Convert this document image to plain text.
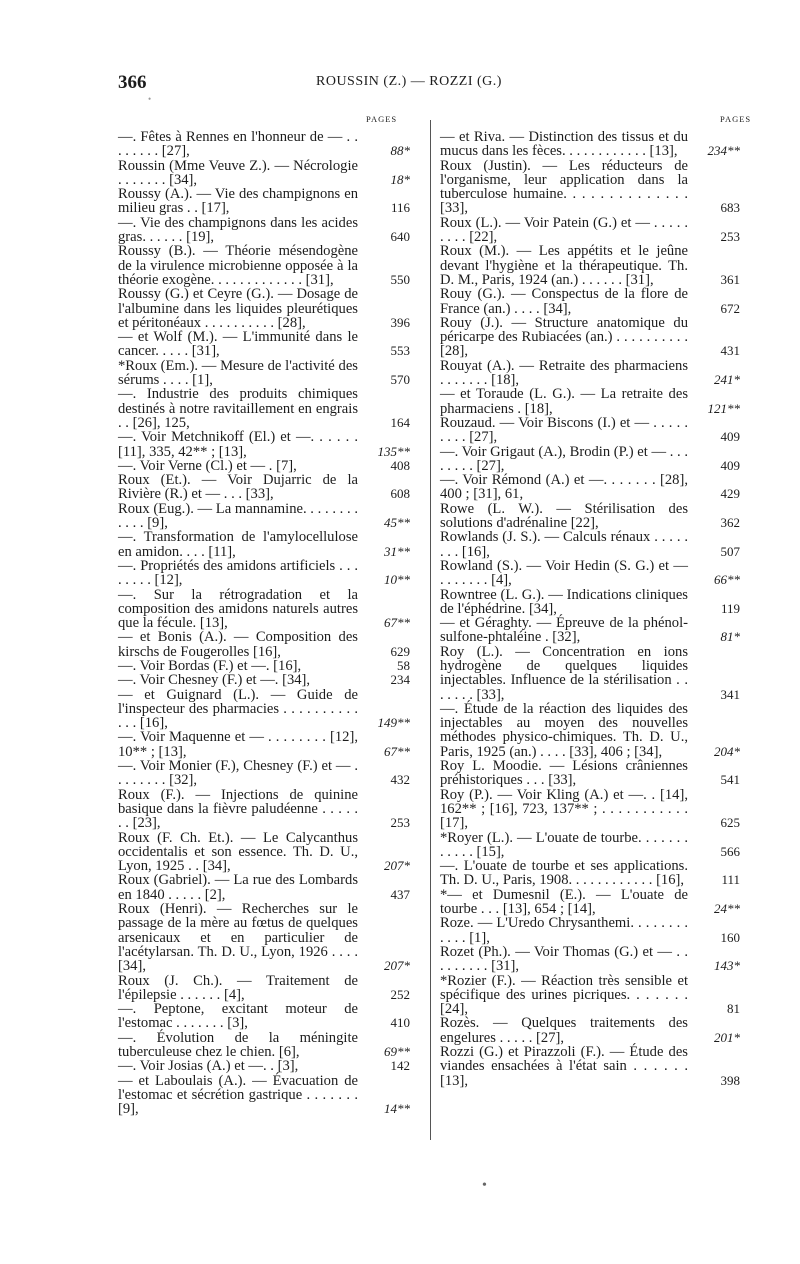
366	ROUSSIN (Z.) — ROZZI (G.)
•
PAGES	PAGES
—. Fêtes à Rennes en l'honneur de — . . . . . . . . [27],	88*
Roussin (Mme Veuve Z.). — Nécrologie . . . . . . . [34],	18*
Roussy (A.). — Vie des champignons en milieu gras . . [17],	116
—. Vie des champignons dans les acides gras. . . . . . [19],	640
Roussy (B.). — Théorie mésendogène de la virulence microbienne opposée à la théorie exogène. . . . . . . . . . . . . [31],	550
Roussy (G.) et Ceyre (G.). — Dosage de l'albumine dans les liquides pleurétiques et péritonéaux . . . . . . . . . . [28],	396
— et Wolf (M.). — L'immunité dans le cancer. . . . . [31],	553
*Roux (Em.). — Mesure de l'activité des sérums . . . . [1],	570
—. Industrie des produits chimiques destinés à notre ravitaillement en engrais . . [26], 125,	164
—. Voir Metchnikoff (El.) et —. . . . . . [11], 335, 42** ; [13],	135**
—. Voir Verne (Cl.) et — . [7],	408
Roux (Et.). — Voir Dujarric de la Rivière (R.) et — . . . [33],	608
Roux (Eug.). — La mannamine. . . . . . . . . . . . [9],	45**
—. Transformation de l'amylocellulose en amidon. . . . [11],	31**
—. Propriétés des amidons artificiels . . . . . . . . [12],	10**
—. Sur la rétrogradation et la composition des amidons naturels autres que la fécule. [13],	67**
— et Bonis (A.). — Composition des kirschs de Fougerolles [16],	629
—. Voir Bordas (F.) et —. [16],	58
—. Voir Chesney (F.) et —. [34],	234
— et Guignard (L.). — Guide de l'inspecteur des pharmacies . . . . . . . . . . . . . [16],	149**
—. Voir Maquenne et — . . . . . . . . [12], 10** ; [13],	67**
—. Voir Monier (F.), Chesney (F.) et — . . . . . . . . [32],	432
Roux (F.). — Injections de quinine basique dans la fièvre paludéenne . . . . . . . [23],	253
Roux (F. Ch. Et.). — Le Calycanthus occidentalis et son essence. Th. D. U., Lyon, 1925 . . [34],	207*
Roux (Gabriel). — La rue des Lombards en 1840 . . . . . [2],	437
Roux (Henri). — Recherches sur le passage de la mère au fœtus de quelques arsenicaux et en particulier de l'acétylarsan. Th. D. U., Lyon, 1926 . . . . [34],	207*
Roux (J. Ch.). — Traitement de l'épilepsie . . . . . . [4],	252
—. Peptone, excitant moteur de l'estomac . . . . . . . [3],	410
—. Évolution de la méningite tuberculeuse chez le chien. [6],	69**
—. Voir Josias (A.) et —. . [3],	142
— et Laboulais (A.). — Évacuation de l'estomac et sécrétion gastrique . . . . . . . [9],	14**
— et Riva. — Distinction des tissus et du mucus dans les fèces. . . . . . . . . . . . [13],	234**
Roux (Justin). — Les réducteurs de l'organisme, leur application dans la tuberculose humaine. . . . . . . . . . . . . . [33],	683
Roux (L.). — Voir Patein (G.) et — . . . . . . . . . [22],	253
Roux (M.). — Les appétits et le jeûne devant l'hygiène et la thérapeutique. Th. D. M., Paris, 1924 (an.) . . . . . . [31],	361
Rouy (G.). — Conspectus de la flore de France (an.) . . . . [34],	672
Rouy (J.). — Structure anatomique du péricarpe des Rubiacées (an.) . . . . . . . . . . [28],	431
Rouyat (A.). — Retraite des pharmaciens . . . . . . . [18],	241*
— et Toraude (L. G.). — La retraite des pharmaciens . [18],	121**
Rouzaud. — Voir Biscons (I.) et — . . . . . . . . . [27],	409
—. Voir Grigaut (A.), Brodin (P.) et — . . . . . . . . [27],	409
—. Voir Rémond (A.) et —. . . . . . . [28], 400 ; [31], 61,	429
Rowe (L. W.). — Stérilisation des solutions d'adrénaline [22],	362
Rowlands (J. S.). — Calculs rénaux . . . . . . . . [16],	507
Rowland (S.). — Voir Hedin (S. G.) et — . . . . . . . [4],	66**
Rowntree (L. G.). — Indications cliniques de l'éphédrine. [34],	119
— et Géraghty. — Épreuve de la phénol-sulfone-phtaléine . [32],	81*
Roy (L.). — Concentration en ions hydrogène de quelques liquides injectables. Influence de la stérilisation . . . . . . . [33],	341
—. Étude de la réaction des liquides des injectables au moyen des nouvelles méthodes physico-chimiques. Th. D. U., Paris, 1925 (an.) . . . . [33], 406 ; [34],	204*
Roy L. Moodie. — Lésions crâniennes préhistoriques . . . [33],	541
Roy (P.). — Voir Kling (A.) et —. . [14], 162** ; [16], 723, 137** ; . . . . . . . . . . . [17],	625
*Royer (L.). — L'ouate de tourbe. . . . . . . . . . . . [15],	566
—. L'ouate de tourbe et ses applications. Th. D. U., Paris, 1908. . . . . . . . . . . . [16],	111
*— et Dumesnil (E.). — L'ouate de tourbe . . . [13], 654 ; [14],	24**
Roze. — L'Uredo Chrysanthemi. . . . . . . . . . . . [1],	160
Rozet (Ph.). — Voir Thomas (G.) et — . . . . . . . . . [31],	143*
*Rozier (F.). — Réaction très sensible et spécifique des urines picriques. . . . . . . [24],	81
Rozès. — Quelques traitements des engelures . . . . . [27],	201*
Rozzi (G.) et Pirazzoli (F.). — Étude des viandes ensachées à l'état sain . . . . . . [13],	398
•
